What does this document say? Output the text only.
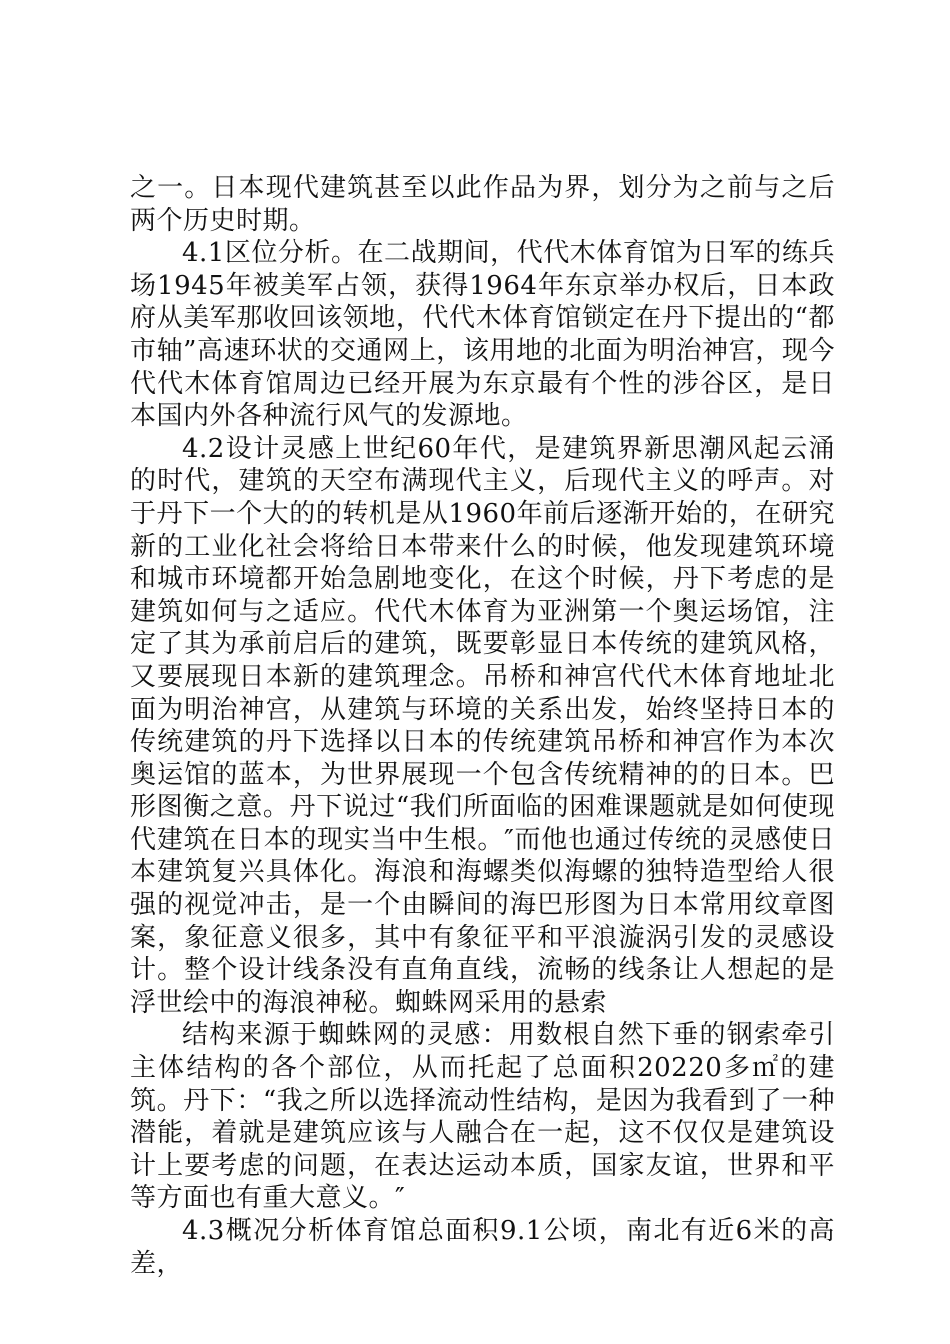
之一。日本现代建筑甚至以此作品为界，划分为之前与之后两个历史时期。

4.1区位分析。在二战期间，代代木体育馆为日军的练兵场1945年被美军占领，获得1964年东京举办权后，日本政府从美军那收回该领地，代代木体育馆锁定在丹下提出的“都市轴”高速环状的交通网上，该用地的北面为明治神宫，现今代代木体育馆周边已经开展为东京最有个性的涉谷区，是日本国内外各种流行风气的发源地。

4.2设计灵感上世纪60年代，是建筑界新思潮风起云涌的时代，建筑的天空布满现代主义，后现代主义的呼声。对于丹下一个大的的转机是从1960年前后逐渐开始的，在研究新的工业化社会将给日本带来什么的时候，他发现建筑环境和城市环境都开始急剧地变化，在这个时候，丹下考虑的是建筑如何与之适应。代代木体育为亚洲第一个奥运场馆，注定了其为承前启后的建筑，既要彰显日本传统的建筑风格，又要展现日本新的建筑理念。吊桥和神宫代代木体育地址北面为明治神宫，从建筑与环境的关系出发，始终坚持日本的传统建筑的丹下选择以日本的传统建筑吊桥和神宫作为本次奥运馆的蓝本，为世界展现一个包含传统精神的的日本。巴形图衡之意。丹下说过“我们所面临的困难课题就是如何使现代建筑在日本的现实当中生根。″而他也通过传统的灵感使日本建筑复兴具体化。海浪和海螺类似海螺的独特造型给人很强的视觉冲击，是一个由瞬间的海巴形图为日本常用纹章图案，象征意义很多，其中有象征平和平浪漩涡引发的灵感设计。整个设计线条没有直角直线，流畅的线条让人想起的是浮世绘中的海浪神秘。蜘蛛网采用的悬索

结构来源于蜘蛛网的灵感：用数根自然下垂的钢索牵引主体结构的各个部位，从而托起了总面积20220多㎡的建筑。丹下：“我之所以选择流动性结构，是因为我看到了一种潜能，着就是建筑应该与人融合在一起，这不仅仅是建筑设计上要考虑的问题，在表达运动本质，国家友谊，世界和平等方面也有重大意义。″

4.3概况分析体育馆总面积9.1公顷，南北有近6米的高差，
